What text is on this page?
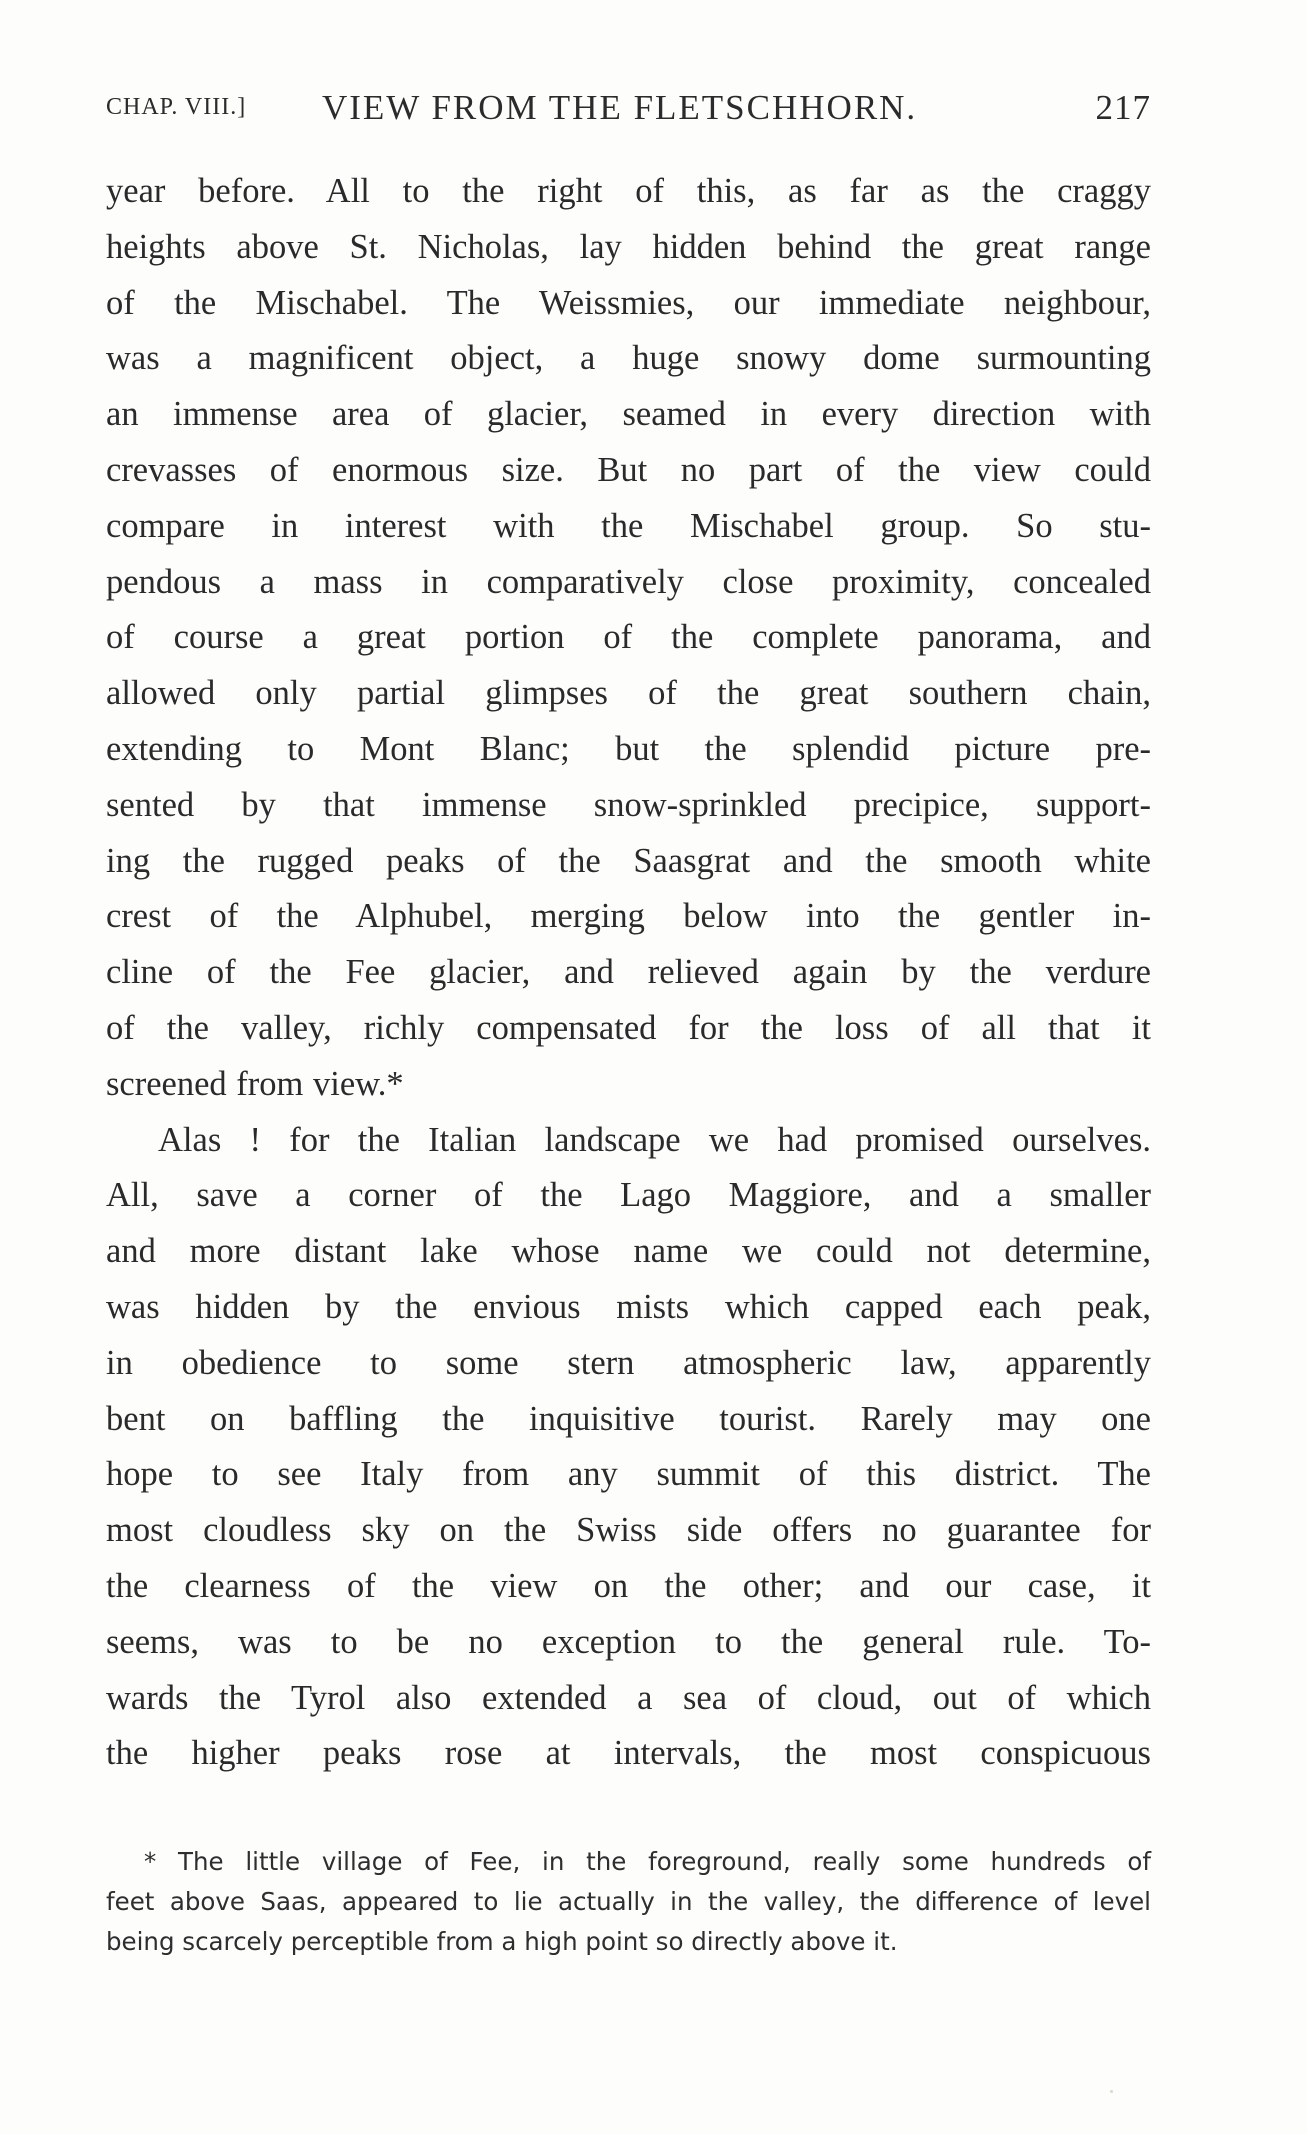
CHAP. VIII.] VIEW FROM THE FLETSCHHORN.	217
year before. All to the right of this, as far as the craggy
heights above St. Nicholas, lay hidden behind the great range
of the Mischabel. The Weissmies, our immediate neighbour,
was a magnificent object, a huge snowy dome surmounting
an immense area of glacier, seamed in every direction with
crevasses of enormous size. But no part of the view could
compare in interest with the Mischabel group. So stu-
pendous a mass in comparatively close proximity, concealed
of course a great portion of the complete panorama, and
allowed only partial glimpses of the great southern chain,
extending to Mont Blanc; but the splendid picture pre-
sented by that immense snow-sprinkled precipice, support-
ing the rugged peaks of the Saasgrat and the smooth white
crest of the Alphubel, merging below into the gentler in-
cline of the Fee glacier, and relieved again by the verdure
of the valley, richly compensated for the loss of all that it
screened from view.*
Alas ! for the Italian landscape we had promised ourselves.
All, save a corner of the Lago Maggiore, and a smaller
and more distant lake whose name we could not determine,
was hidden by the envious mists which capped each peak,
in obedience to some stern atmospheric law, apparently
bent on baffling the inquisitive tourist. Rarely may one
hope to see Italy from any summit of this district. The
most cloudless sky on the Swiss side offers no guarantee for
the clearness of the view on the other; and our case, it
seems, was to be no exception to the general rule. To-
wards the Tyrol also extended a sea of cloud, out of which
the higher peaks rose at intervals, the most conspicuous
* The little village of Fee, in the foreground, really some hundreds of
feet above Saas, appeared to lie actually in the valley, the difference of level
being scarcely perceptible from a high point so directly above it.
